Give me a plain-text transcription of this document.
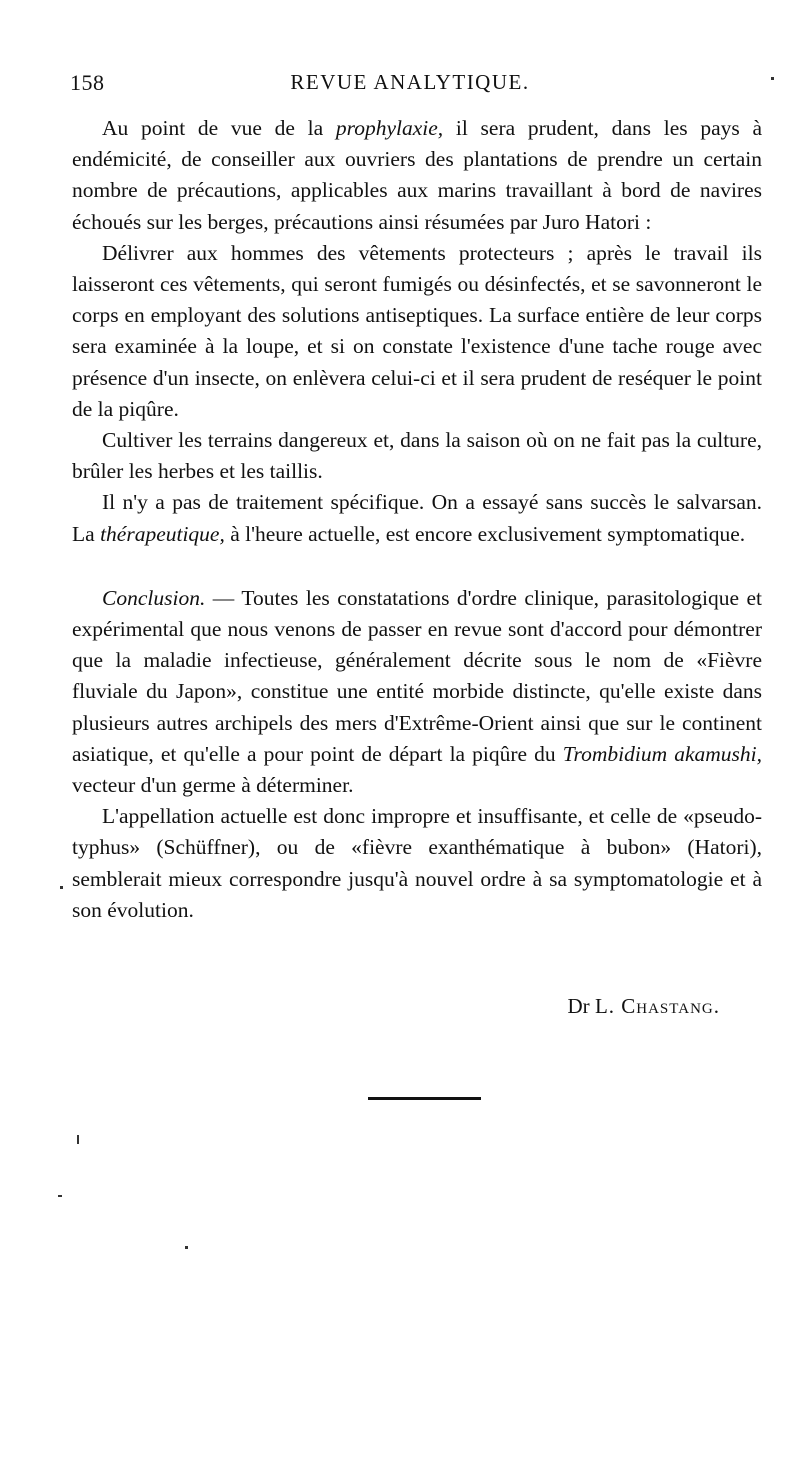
158	REVUE ANALYTIQUE.

Au point de vue de la prophylaxie, il sera prudent, dans les pays à endémicité, de conseiller aux ouvriers des plantations de prendre un certain nombre de précautions, applicables aux marins travaillant à bord de navires échoués sur les berges, précautions ainsi résumées par Juro Hatori :

Délivrer aux hommes des vêtements protecteurs ; après le travail ils laisseront ces vêtements, qui seront fumigés ou désinfectés, et se savonneront le corps en employant des solutions antiseptiques. La surface entière de leur corps sera examinée à la loupe, et si on constate l'existence d'une tache rouge avec présence d'un insecte, on enlèvera celui-ci et il sera prudent de reséquer le point de la piqûre.

Cultiver les terrains dangereux et, dans la saison où on ne fait pas la culture, brûler les herbes et les taillis.

Il n'y a pas de traitement spécifique. On a essayé sans succès le salvarsan. La thérapeutique, à l'heure actuelle, est encore exclusivement symptomatique.

Conclusion. — Toutes les constatations d'ordre clinique, parasitologique et expérimental que nous venons de passer en revue sont d'accord pour démontrer que la maladie infectieuse, généralement décrite sous le nom de «Fièvre fluviale du Japon», constitue une entité morbide distincte, qu'elle existe dans plusieurs autres archipels des mers d'Extrême-Orient ainsi que sur le continent asiatique, et qu'elle a pour point de départ la piqûre du Trombidium akamushi, vecteur d'un germe à déterminer.

L'appellation actuelle est donc impropre et insuffisante, et celle de «pseudo-typhus» (Schüffner), ou de «fièvre exanthématique à bubon» (Hatori), semblerait mieux correspondre jusqu'à nouvel ordre à sa symptomatologie et à son évolution.

Dr L. Chastang.
